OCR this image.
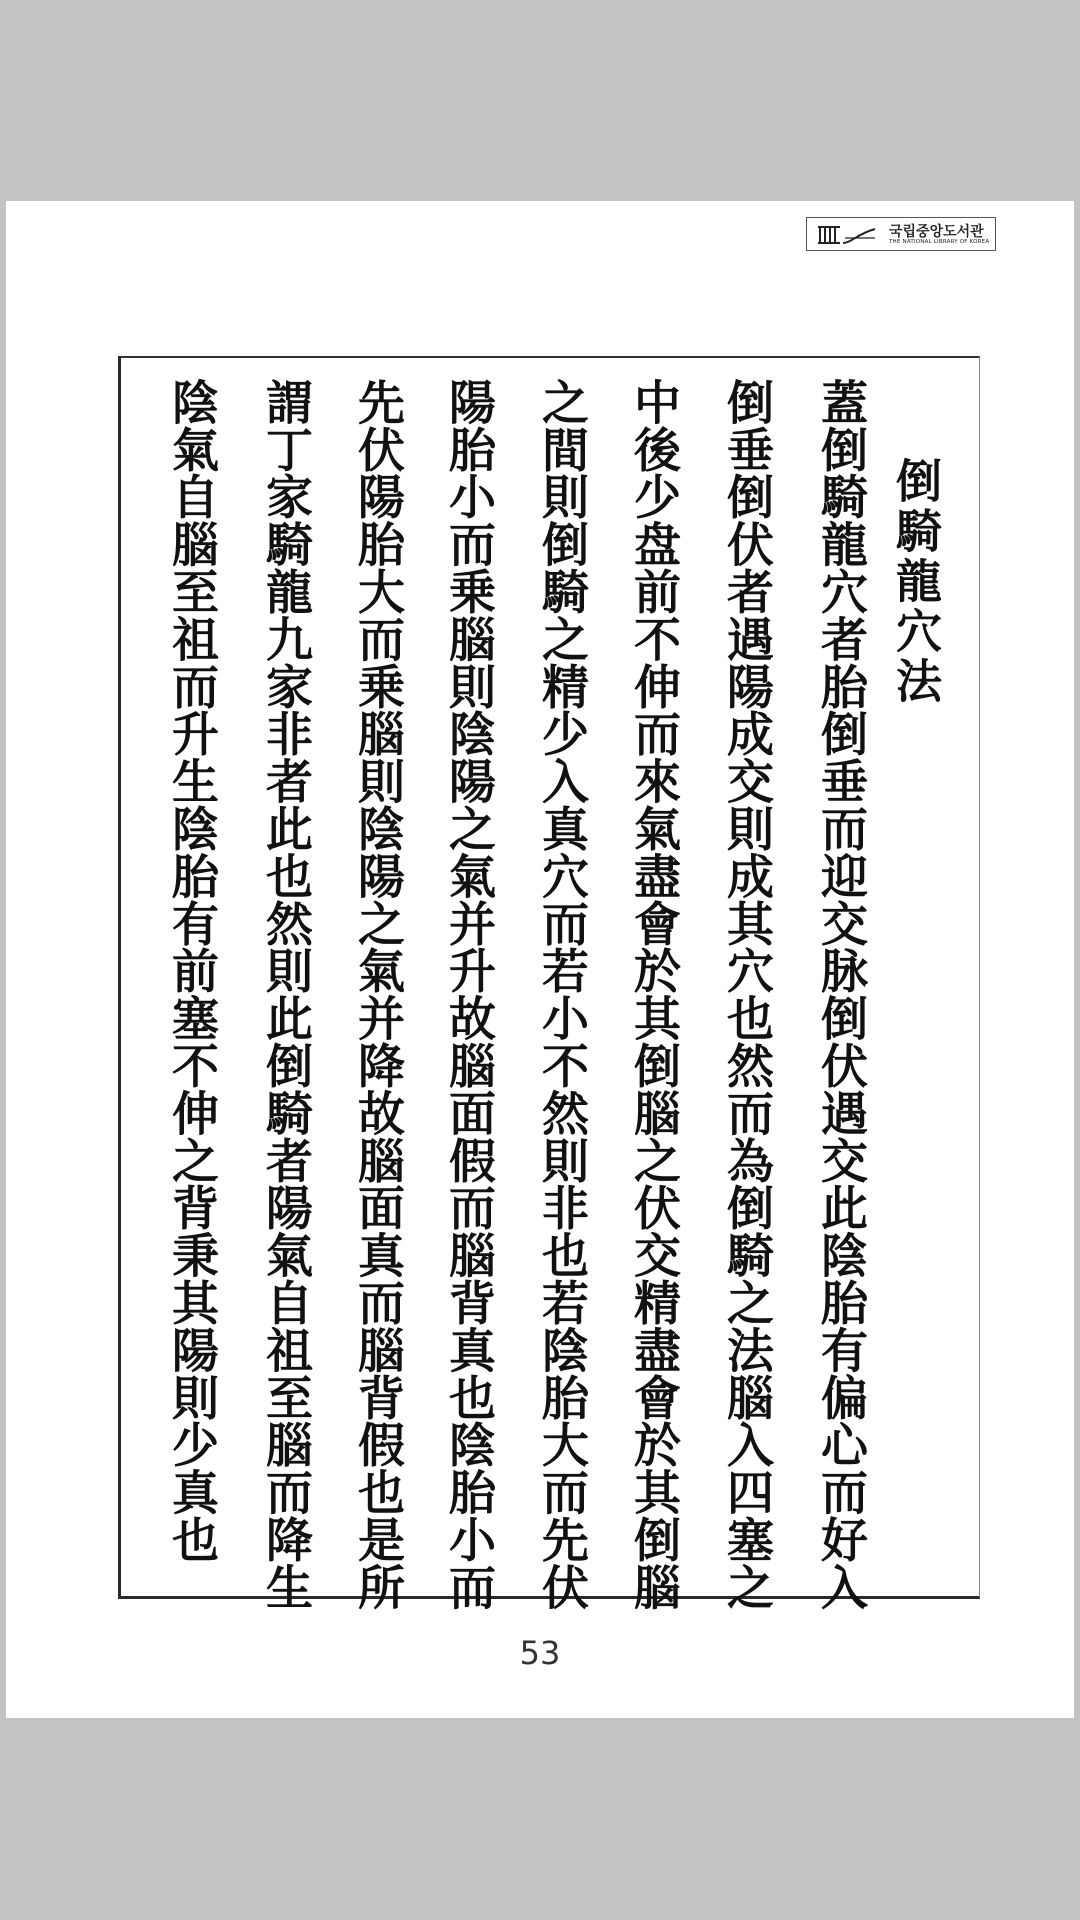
국립중앙도서관
THE NATIONAL LIBRARY OF KOREA
倒騎龍穴法
蓋倒騎龍穴者胎倒垂而迎交脉倒伏遇交此陰胎有偏心而好入
倒垂倒伏者遇陽成交則成其穴也然而為倒騎之法腦入四塞之
中後少盘前不伸而來氣盡會於其倒腦之伏交精盡會於其倒腦
之間則倒騎之精少入真穴而若小不然則非也若陰胎大而先伏
陽胎小而乗腦則陰陽之氣并升故腦面假而腦背真也陰胎小而
先伏陽胎大而乗腦則陰陽之氣并降故腦面真而腦背假也是所
謂丁家騎龍九家非者此也然則此倒騎者陽氣自祖至腦而降生
陰氣自腦至祖而升生陰胎有前塞不伸之背秉其陽則少真也
53
